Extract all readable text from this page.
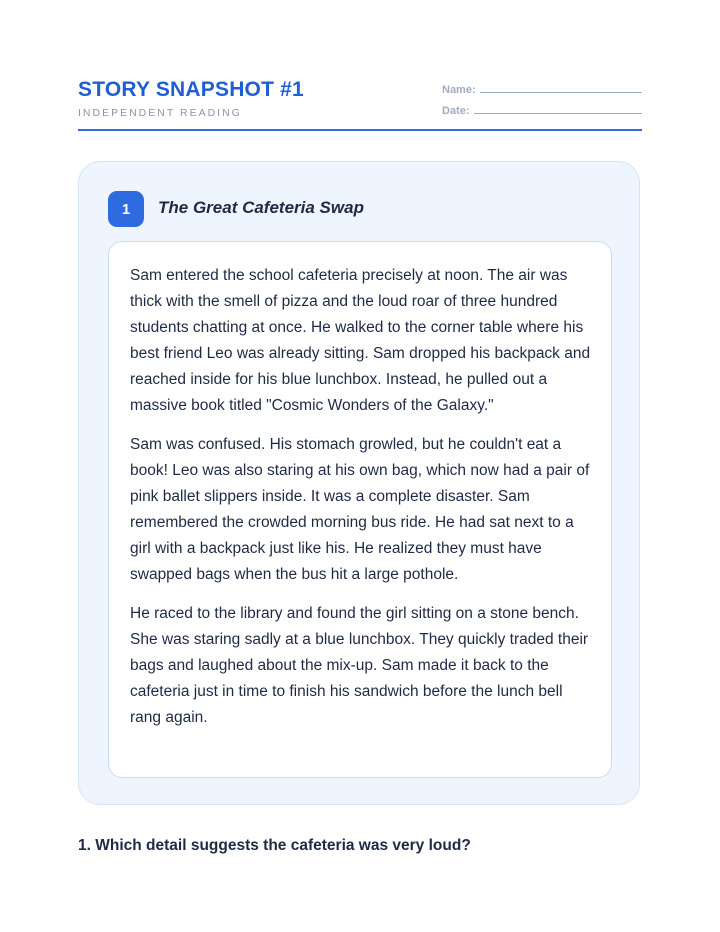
STORY SNAPSHOT #1
INDEPENDENT READING
Name:
Date:
1	The Great Cafeteria Swap

Sam entered the school cafeteria precisely at noon. The air was thick with the smell of pizza and the loud roar of three hundred students chatting at once. He walked to the corner table where his best friend Leo was already sitting. Sam dropped his backpack and reached inside for his blue lunchbox. Instead, he pulled out a massive book titled "Cosmic Wonders of the Galaxy."

Sam was confused. His stomach growled, but he couldn't eat a book! Leo was also staring at his own bag, which now had a pair of pink ballet slippers inside. It was a complete disaster. Sam remembered the crowded morning bus ride. He had sat next to a girl with a backpack just like his. He realized they must have swapped bags when the bus hit a large pothole.

He raced to the library and found the girl sitting on a stone bench. She was staring sadly at a blue lunchbox. They quickly traded their bags and laughed about the mix-up. Sam made it back to the cafeteria just in time to finish his sandwich before the lunch bell rang again.

1. Which detail suggests the cafeteria was very loud?
